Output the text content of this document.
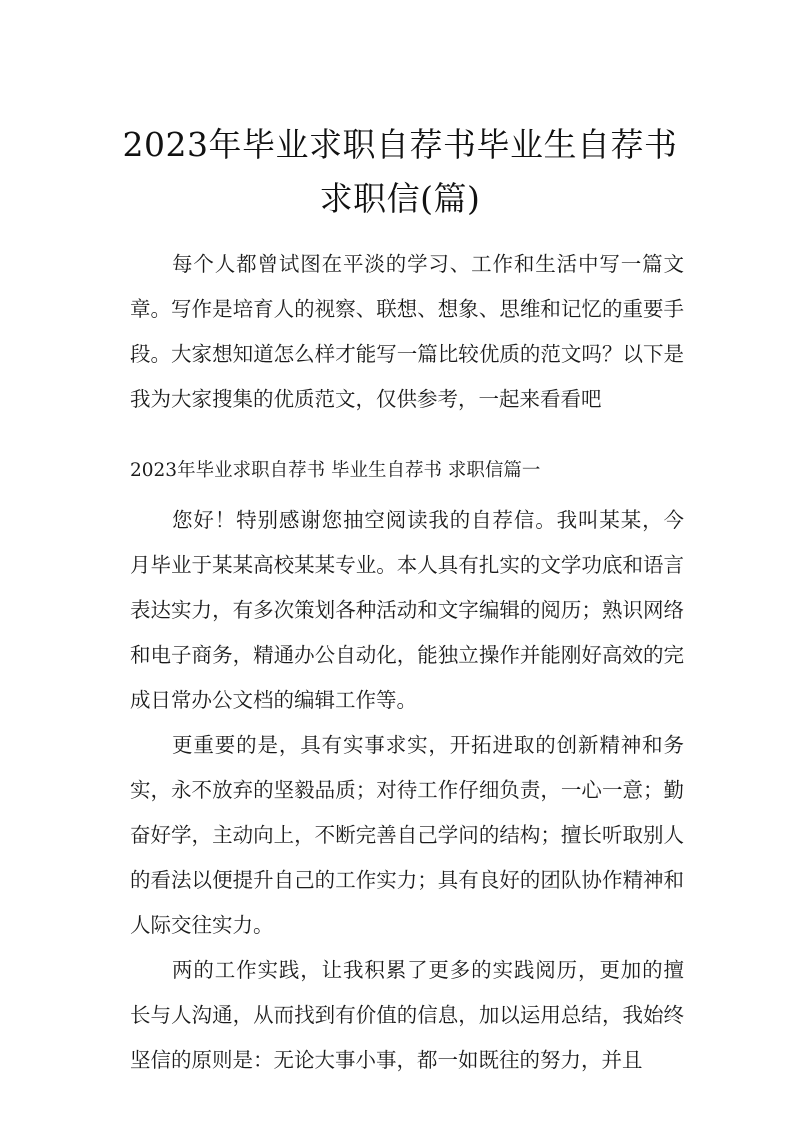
2023年毕业求职自荐书毕业生自荐书求职信(篇)

每个人都曾试图在平淡的学习、工作和生活中写一篇文章。写作是培育人的视察、联想、想象、思维和记忆的重要手段。大家想知道怎么样才能写一篇比较优质的范文吗？以下是我为大家搜集的优质范文，仅供参考，一起来看看吧

2023年毕业求职自荐书 毕业生自荐书 求职信篇一

您好！特别感谢您抽空阅读我的自荐信。我叫某某，今月毕业于某某高校某某专业。本人具有扎实的文学功底和语言表达实力，有多次策划各种活动和文字编辑的阅历；熟识网络和电子商务，精通办公自动化，能独立操作并能刚好高效的完成日常办公文档的编辑工作等。

更重要的是，具有实事求实，开拓进取的创新精神和务实，永不放弃的坚毅品质；对待工作仔细负责，一心一意；勤奋好学，主动向上，不断完善自己学问的结构；擅长听取别人的看法以便提升自己的工作实力；具有良好的团队协作精神和人际交往实力。

两的工作实践，让我积累了更多的实践阅历，更加的擅长与人沟通，从而找到有价值的信息，加以运用总结，我始终坚信的原则是：无论大事小事，都一如既往的努力，并且
